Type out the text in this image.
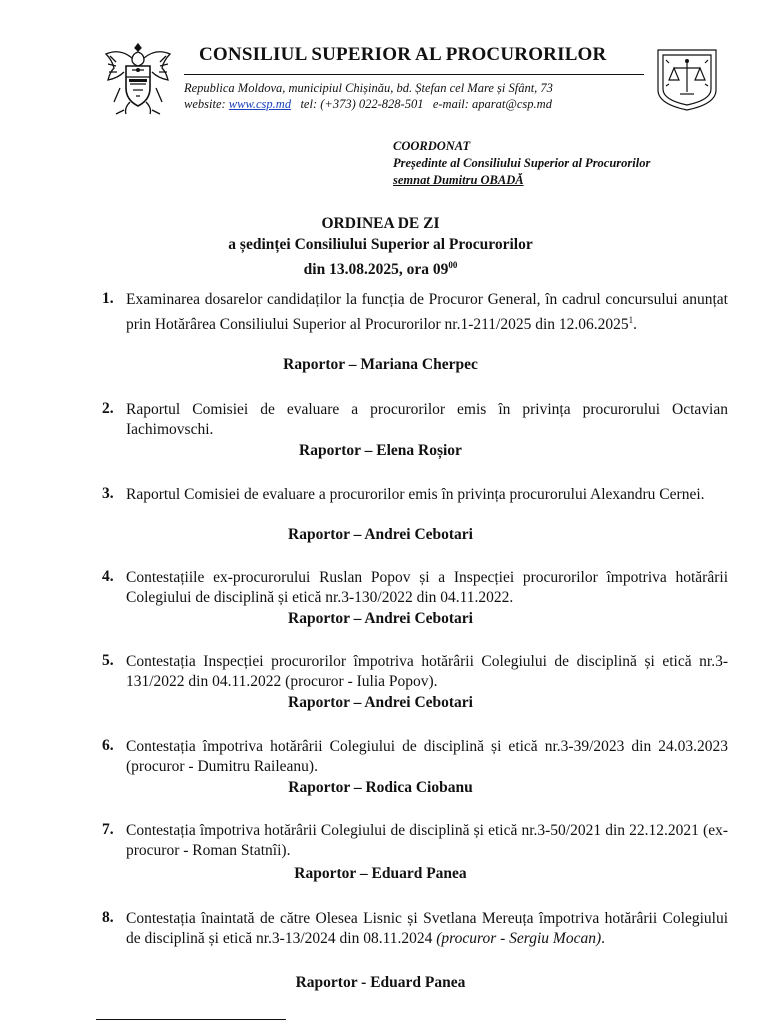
CONSILIUL SUPERIOR AL PROCURORILOR
Republica Moldova, municipiul Chișinău, bd. Ștefan cel Mare și Sfânt, 73
website: www.csp.md tel: (+373) 022-828-501 e-mail: aparat@csp.md
COORDONAT
Președinte al Consiliului Superior al Procurorilor
semnat Dumitru OBADĂ
ORDINEA DE ZI
a ședinței Consiliului Superior al Procurorilor
din 13.08.2025, ora $09^{00}$
1. Examinarea dosarelor candidaților la funcția de Procuror General, în cadrul concursului anunțat prin Hotărârea Consiliului Superior al Procurorilor nr.1-211/2025 din 12.06.2025$^1$.
Raportor – Mariana Cherpec
2. Raportul Comisiei de evaluare a procurorilor emis în privința procurorului Octavian Iachimovschi.
Raportor – Elena Roșior
3. Raportul Comisiei de evaluare a procurorilor emis în privința procurorului Alexandru Cernei.
Raportor – Andrei Cebotari
4. Contestațiile ex-procurorului Ruslan Popov și a Inspecției procurorilor împotriva hotărârii Colegiului de disciplină și etică nr.3-130/2022 din 04.11.2022.
Raportor – Andrei Cebotari
5. Contestația Inspecției procurorilor împotriva hotărârii Colegiului de disciplină și etică nr.3-131/2022 din 04.11.2022 (procuror - Iulia Popov).
Raportor – Andrei Cebotari
6. Contestația împotriva hotărârii Colegiului de disciplină și etică nr.3-39/2023 din 24.03.2023 (procuror - Dumitru Raileanu).
Raportor – Rodica Ciobanu
7. Contestația împotriva hotărârii Colegiului de disciplină și etică nr.3-50/2021 din 22.12.2021 (ex-procuror - Roman Statnîi).
Raportor – Eduard Panea
8. Contestația înaintată de către Olesea Lisnic și Svetlana Mereuța împotriva hotărârii Colegiului de disciplină și etică nr.3-13/2024 din 08.11.2024 (procuror - Sergiu Mocan).
Raportor - Eduard Panea
